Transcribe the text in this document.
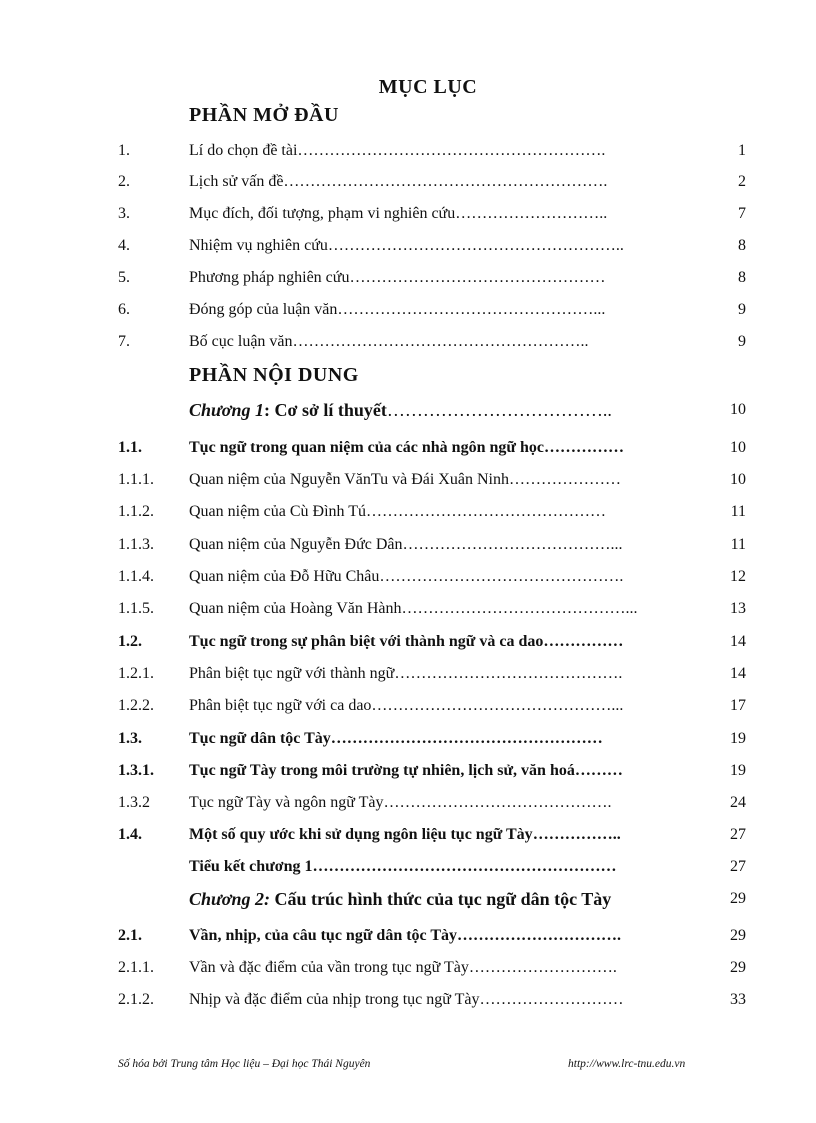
MỤC LỤC
PHẦN MỞ ĐẦU
1.	Lí do chọn đề tài………………………………………………….	1
2.	Lịch sử vấn đề…………………………………………………….	2
3.	Mục đích, đối tượng, phạm vi nghiên cứu………………………..	7
4.	Nhiệm vụ nghiên cứu………………………………………………..	8
5.	Phương pháp nghiên cứu…………………………………………	8
6.	Đóng góp của luận văn…………………………………………...	9
7.	Bố cục luận văn………………………………………………..	9
PHẦN NỘI DUNG
Chương 1: Cơ sở lí thuyết………………………………..	10
1.1.	Tục ngữ trong quan niệm của các nhà ngôn ngữ học……………	10
1.1.1. Quan niệm của Nguyễn VănTu và Đái Xuân Ninh…………………	10
1.1.2. Quan niệm của Cù Đình Tú………………………………………	11
1.1.3. Quan niệm của Nguyễn Đức Dân…………………………………...	11
1.1.4. Quan niệm của Đỗ Hữu Châu……………………………………….	12
1.1.5. Quan niệm của Hoàng Văn Hành……………………………………...	13
1.2.	Tục ngữ trong sự phân biệt với thành ngữ và ca dao……………	14
1.2.1. Phân biệt tục ngữ với thành ngữ…………………………………….	14
1.2.2. Phân biệt tục ngữ với ca dao………………………………………...	17
1.3.	Tục ngữ dân tộc Tày……………………………………………	19
1.3.1. Tục ngữ Tày trong môi trường tự nhiên, lịch sử, văn hoá………	19
1.3.2 Tục ngữ Tày và ngôn ngữ Tày…………………………………….	24
1.4.	Một số quy ước khi sử dụng ngôn liệu tục ngữ Tày……………..	27
Tiểu kết chương 1…………………………………………………	27
Chương 2: Cấu trúc hình thức của tục ngữ dân tộc Tày	29
2.1.	Vần, nhịp, của câu tục ngữ dân tộc Tày………………………….	29
2.1.1. Vần và đặc điểm của vần trong tục ngữ Tày……………………….	29
2.1.2. Nhịp và đặc điểm của nhịp trong tục ngữ Tày………………………	33
Số hóa bởi Trung tâm Học liệu – Đại học Thái Nguyên	http://www.lrc-tnu.edu.vn
